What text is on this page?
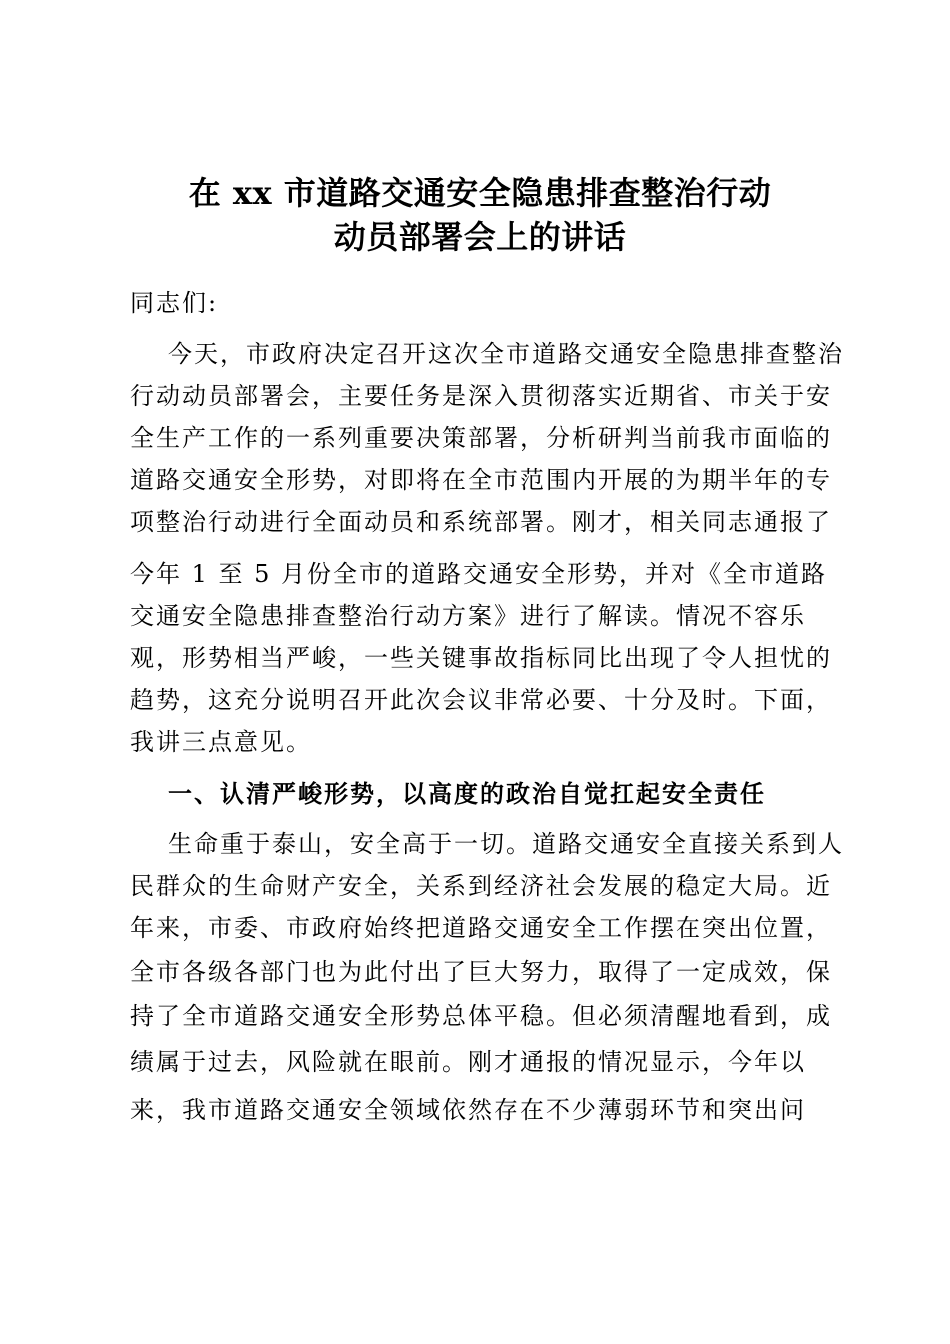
在 xx 市道路交通安全隐患排查整治行动
动员部署会上的讲话
同志们:
今天，市政府决定召开这次全市道路交通安全隐患排查整治
行动动员部署会，主要任务是深入贯彻落实近期省、市关于安
全生产工作的一系列重要决策部署，分析研判当前我市面临的
道路交通安全形势，对即将在全市范围内开展的为期半年的专
项整治行动进行全面动员和系统部署。刚才，相关同志通报了
今年 1 至 5 月份全市的道路交通安全形势，并对《全市道路
交通安全隐患排查整治行动方案》进行了解读。情况不容乐
观，形势相当严峻，一些关键事故指标同比出现了令人担忧的
趋势，这充分说明召开此次会议非常必要、十分及时。下面，
我讲三点意见。
一、认清严峻形势，以高度的政治自觉扛起安全责任
生命重于泰山，安全高于一切。道路交通安全直接关系到人
民群众的生命财产安全，关系到经济社会发展的稳定大局。近
年来，市委、市政府始终把道路交通安全工作摆在突出位置，
全市各级各部门也为此付出了巨大努力，取得了一定成效，保
持了全市道路交通安全形势总体平稳。但必须清醒地看到，成
绩属于过去，风险就在眼前。刚才通报的情况显示，今年以
来，我市道路交通安全领域依然存在不少薄弱环节和突出问
